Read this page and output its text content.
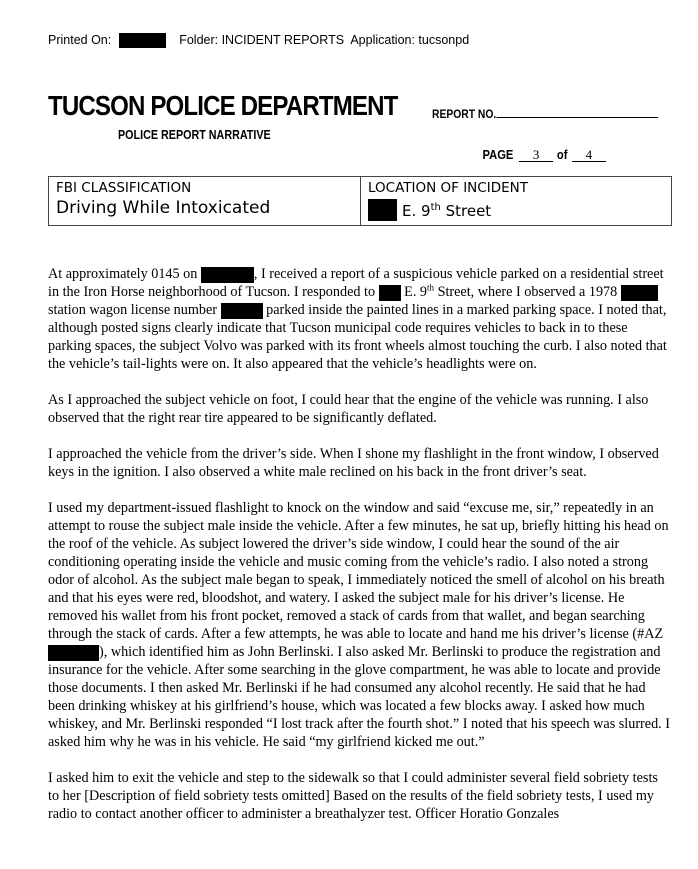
Printed On:	Folder: INCIDENT REPORTS Application: tucsonpd
TUCSON POLICE DEPARTMENT
POLICE REPORT NARRATIVE
REPORT NO.
PAGE 3 of 4
FBI CLASSIFICATION
Driving While Intoxicated
LOCATION OF INCIDENT
E. 9th Street

At approximately 0145 on	, I received a report of a suspicious vehicle parked on a residential street in the Iron Horse neighborhood of Tucson. I responded to E. 9th Street, where I observed a 1978  station wagon license number	parked inside the painted lines in a marked parking space. I noted that, although posted signs clearly indicate that Tucson municipal code requires vehicles to back in to these parking spaces, the subject Volvo was parked with its front wheels almost touching the curb. I also noted that the vehicle’s tail-lights were on. It also appeared that the vehicle’s headlights were on.

As I approached the subject vehicle on foot, I could hear that the engine of the vehicle was running. I also observed that the right rear tire appeared to be significantly deflated.

I approached the vehicle from the driver’s side. When I shone my flashlight in the front window, I observed keys in the ignition. I also observed a white male reclined on his back in the front driver’s seat.

I used my department-issued flashlight to knock on the window and said “excuse me, sir,” repeatedly in an attempt to rouse the subject male inside the vehicle. After a few minutes, he sat up, briefly hitting his head on the roof of the vehicle. As subject lowered the driver’s side window, I could hear the sound of the air conditioning operating inside the vehicle and music coming from the vehicle’s radio. I also noted a strong odor of alcohol. As the subject male began to speak, I immediately noticed the smell of alcohol on his breath and that his eyes were red, bloodshot, and watery. I asked the subject male for his driver’s license. He removed his wallet from his front pocket, removed a stack of cards from that wallet, and began searching through the stack of cards. After a few attempts, he was able to locate and hand me his driver’s license (#AZ), which identified him as John Berlinski. I also asked Mr. Berlinski to produce the registration and insurance for the vehicle. After some searching in the glove compartment, he was able to locate and provide those documents. I then asked Mr. Berlinski if he had consumed any alcohol recently. He said that he had been drinking whiskey at his girlfriend’s house, which was located a few blocks away. I asked how much whiskey, and Mr. Berlinski responded “I lost track after the fourth shot.” I noted that his speech was slurred. I asked him why he was in his vehicle. He said “my girlfriend kicked me out.”

I asked him to exit the vehicle and step to the sidewalk so that I could administer several field sobriety tests to her [Description of field sobriety tests omitted] Based on the results of the field sobriety tests, I used my radio to contact another officer to administer a breathalyzer test. Officer Horatio Gonzales
